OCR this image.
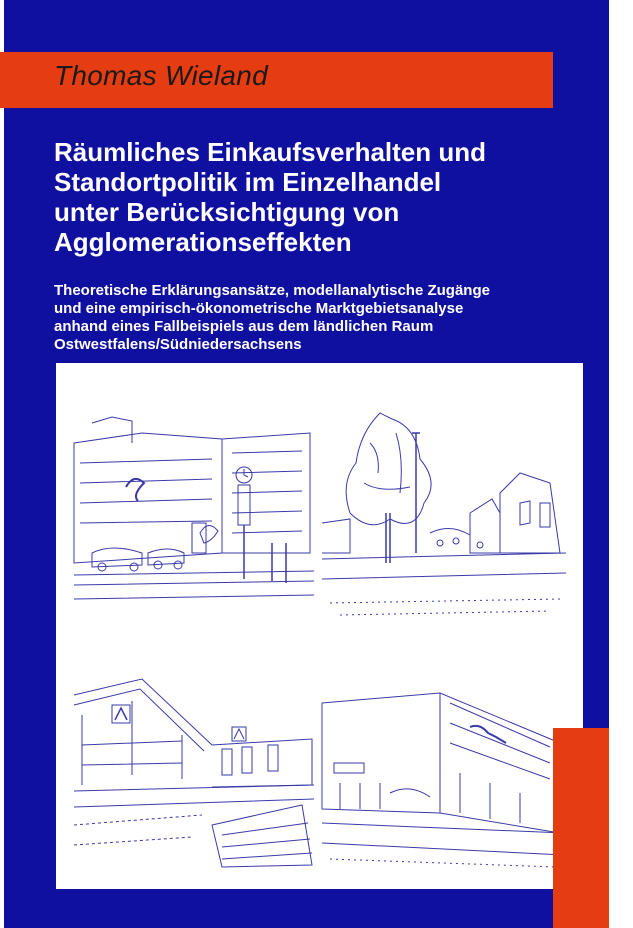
Thomas Wieland
Räumliches Einkaufsverhalten und
Standortpolitik im Einzelhandel
unter Berücksichtigung von
Agglomerationseffekten

Theoretische Erklärungsansätze, modellanalytische Zugänge
und eine empirisch-ökonometrische Marktgebietsanalyse
anhand eines Fallbeispiels aus dem ländlichen Raum
Ostwestfalens/Südniedersachsens
